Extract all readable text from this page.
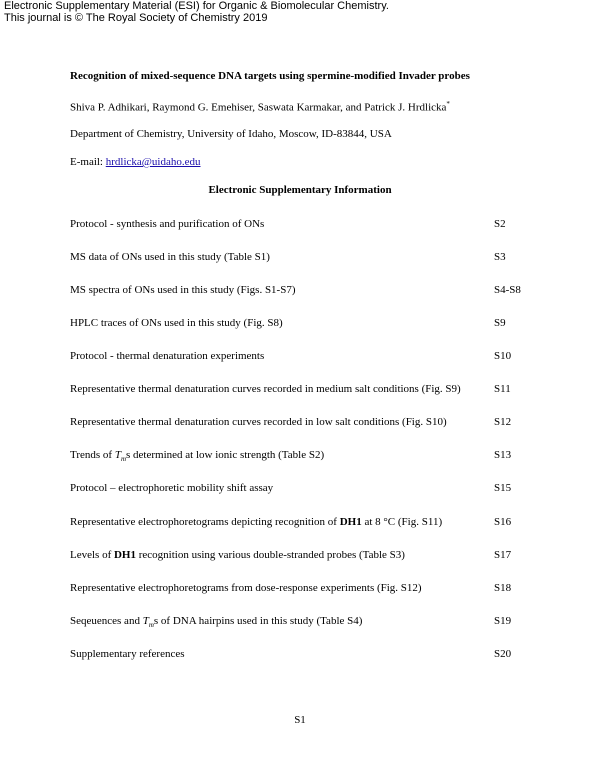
Electronic Supplementary Material (ESI) for Organic & Biomolecular Chemistry.
This journal is © The Royal Society of Chemistry 2019
Recognition of mixed-sequence DNA targets using spermine-modified Invader probes
Shiva P. Adhikari, Raymond G. Emehiser, Saswata Karmakar, and Patrick J. Hrdlicka*
Department of Chemistry, University of Idaho, Moscow, ID-83844, USA
E-mail: hrdlicka@uidaho.edu
Electronic Supplementary Information
Protocol - synthesis and purification of ONs	S2
MS data of ONs used in this study (Table S1)	S3
MS spectra of ONs used in this study (Figs. S1-S7)	S4-S8
HPLC traces of ONs used in this study (Fig. S8)	S9
Protocol - thermal denaturation experiments	S10
Representative thermal denaturation curves recorded in medium salt conditions (Fig. S9)	S11
Representative thermal denaturation curves recorded in low salt conditions (Fig. S10)	S12
Trends of $T_ms$ determined at low ionic strength (Table S2)	S13
Protocol – electrophoretic mobility shift assay	S15
Representative electrophoretograms depicting recognition of DH1 at 8 °C (Fig. S11)	S16
Levels of DH1 recognition using various double-stranded probes (Table S3)	S17
Representative electrophoretograms from dose-response experiments (Fig. S12)	S18
Seqeuences and $T_ms$ of DNA hairpins used in this study (Table S4)	S19
Supplementary references	S20
S1
